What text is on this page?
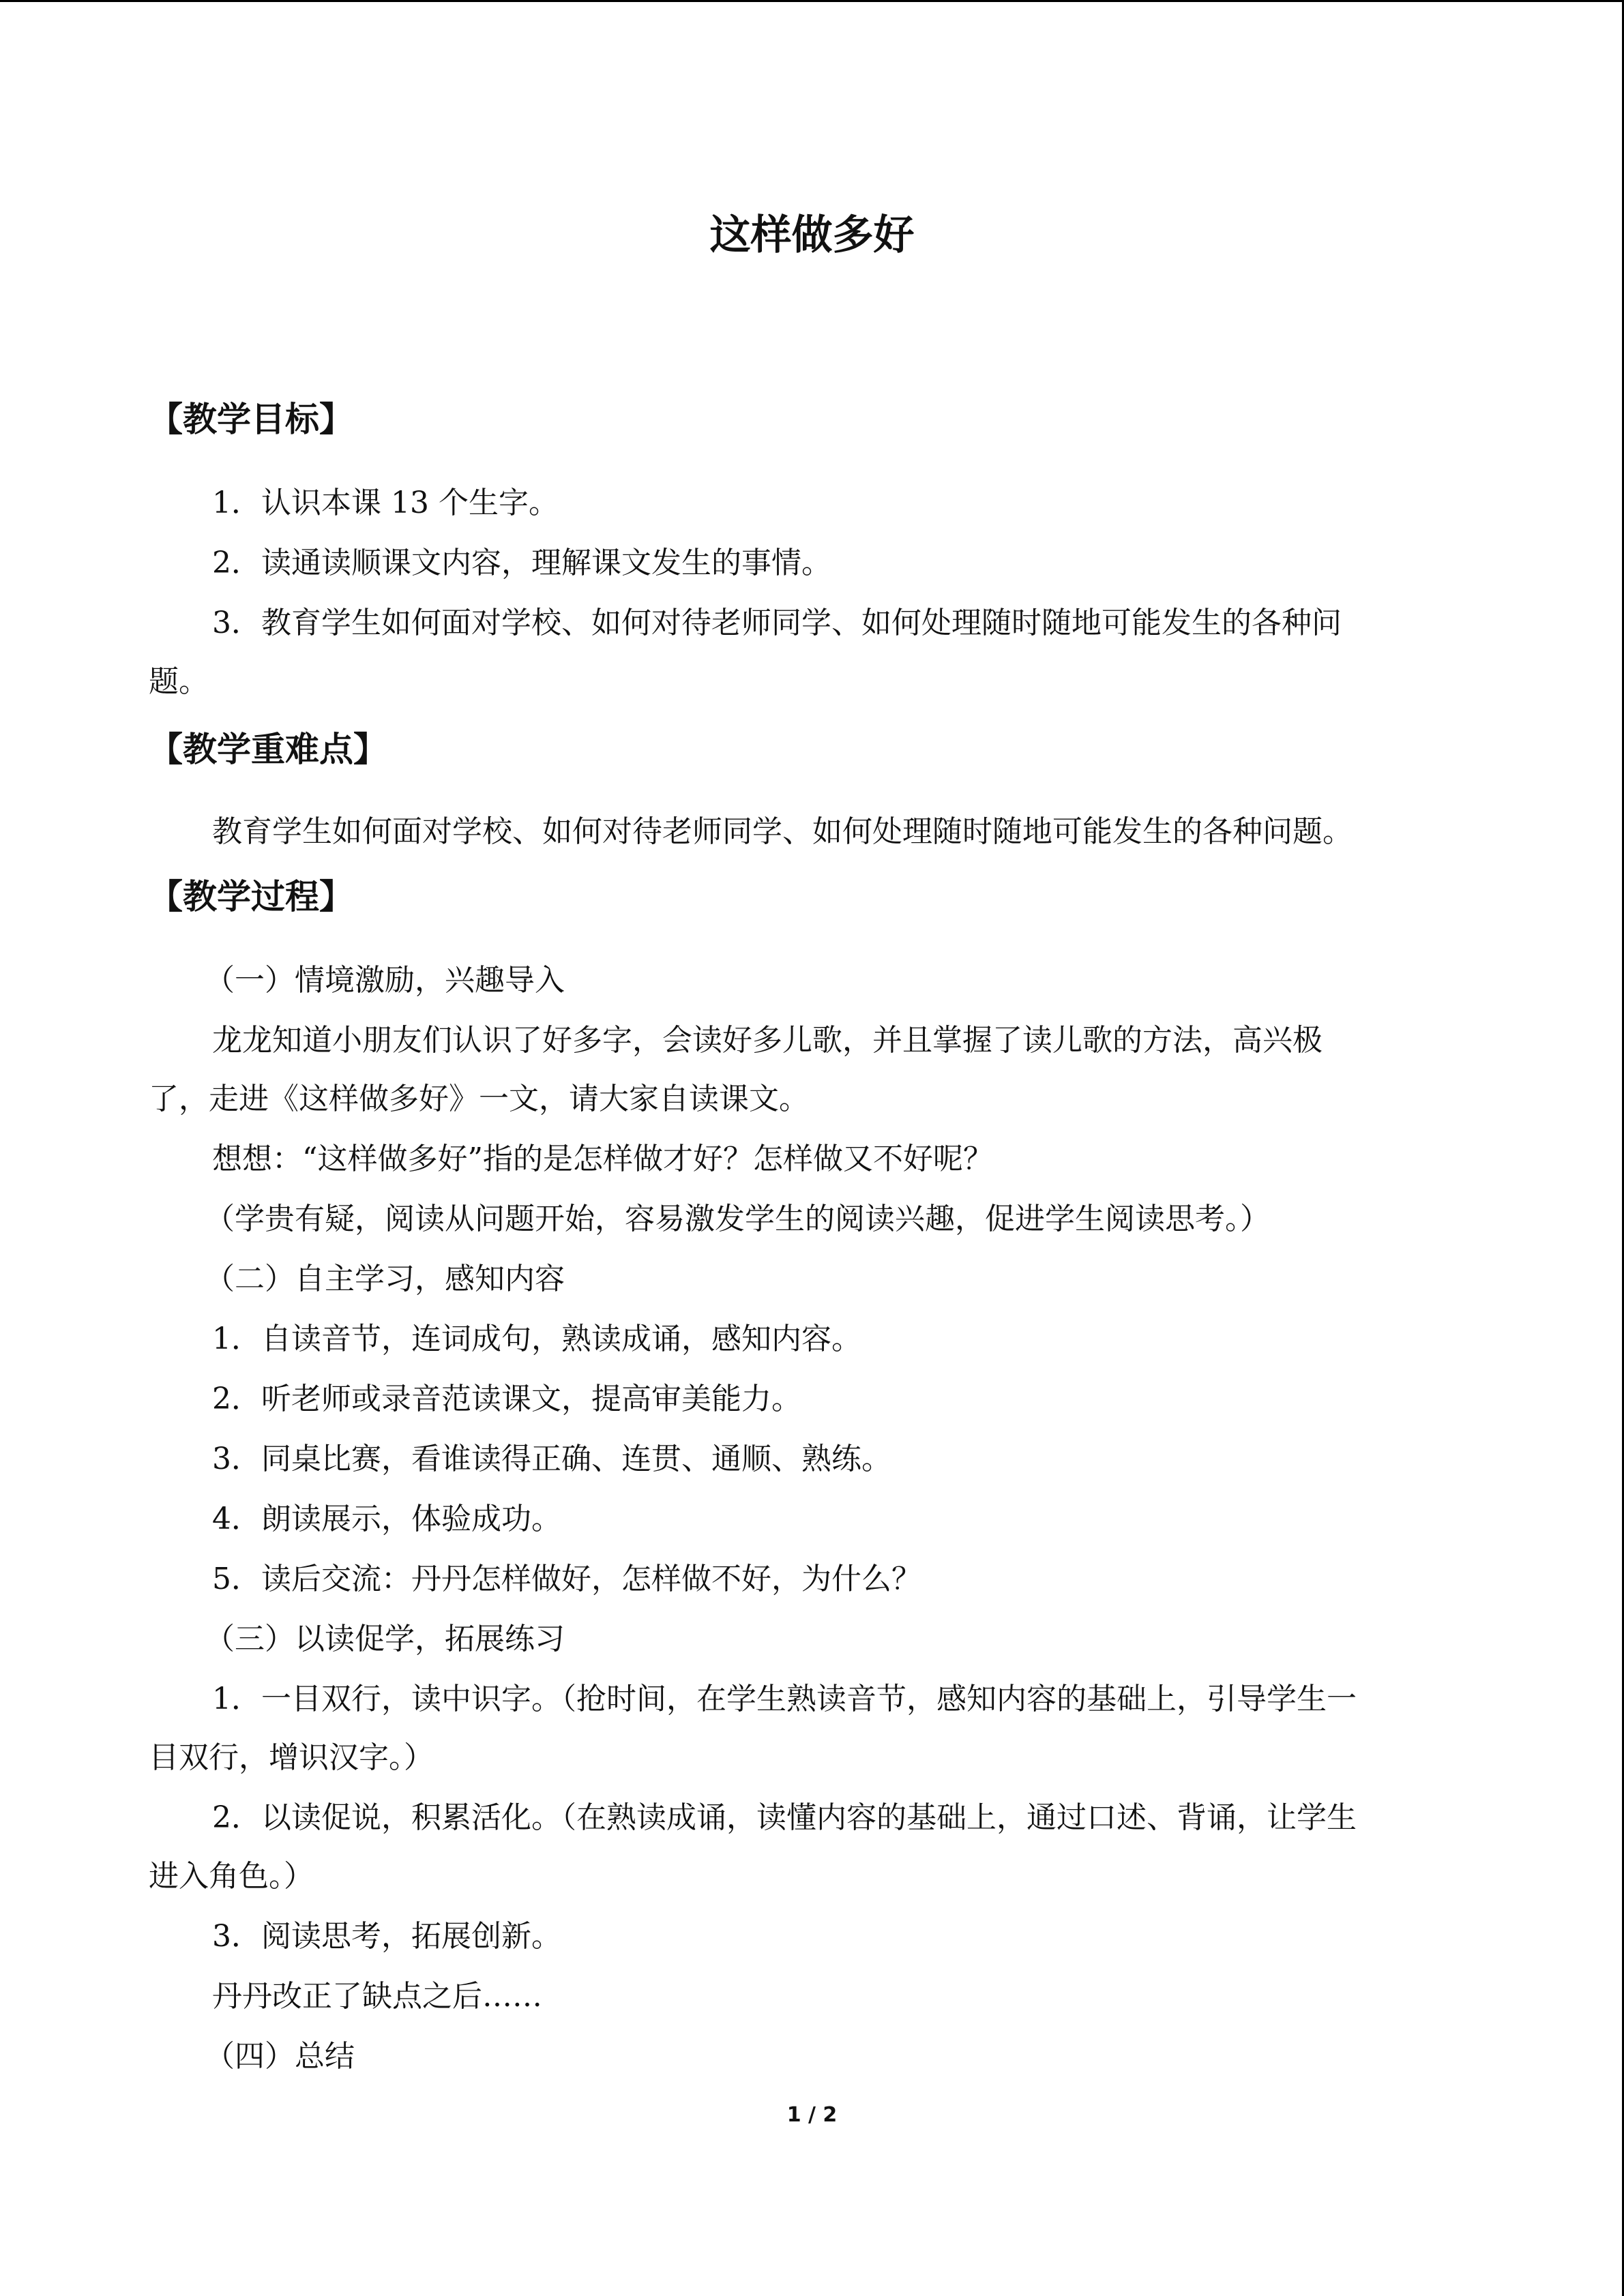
这样做多好
【教学目标】
1．认识本课 13 个生字。
2．读通读顺课文内容，理解课文发生的事情。
3．教育学生如何面对学校、如何对待老师同学、如何处理随时随地可能发生的各种问
题。
【教学重难点】
教育学生如何面对学校、如何对待老师同学、如何处理随时随地可能发生的各种问题。
【教学过程】
（一）情境激励，兴趣导入
龙龙知道小朋友们认识了好多字，会读好多儿歌，并且掌握了读儿歌的方法，高兴极
了，走进《这样做多好》一文，请大家自读课文。
想想：“这样做多好”指的是怎样做才好？怎样做又不好呢？
（学贵有疑，阅读从问题开始，容易激发学生的阅读兴趣，促进学生阅读思考。）
（二）自主学习，感知内容
1．自读音节，连词成句，熟读成诵，感知内容。
2．听老师或录音范读课文，提高审美能力。
3．同桌比赛，看谁读得正确、连贯、通顺、熟练。
4．朗读展示，体验成功。
5．读后交流：丹丹怎样做好，怎样做不好，为什么？
（三）以读促学，拓展练习
1．一目双行，读中识字。（抢时间，在学生熟读音节，感知内容的基础上，引导学生一
目双行，增识汉字。）
2．以读促说，积累活化。（在熟读成诵，读懂内容的基础上，通过口述、背诵，让学生
进入角色。）
3．阅读思考，拓展创新。
丹丹改正了缺点之后……
（四）总结
1 / 2
